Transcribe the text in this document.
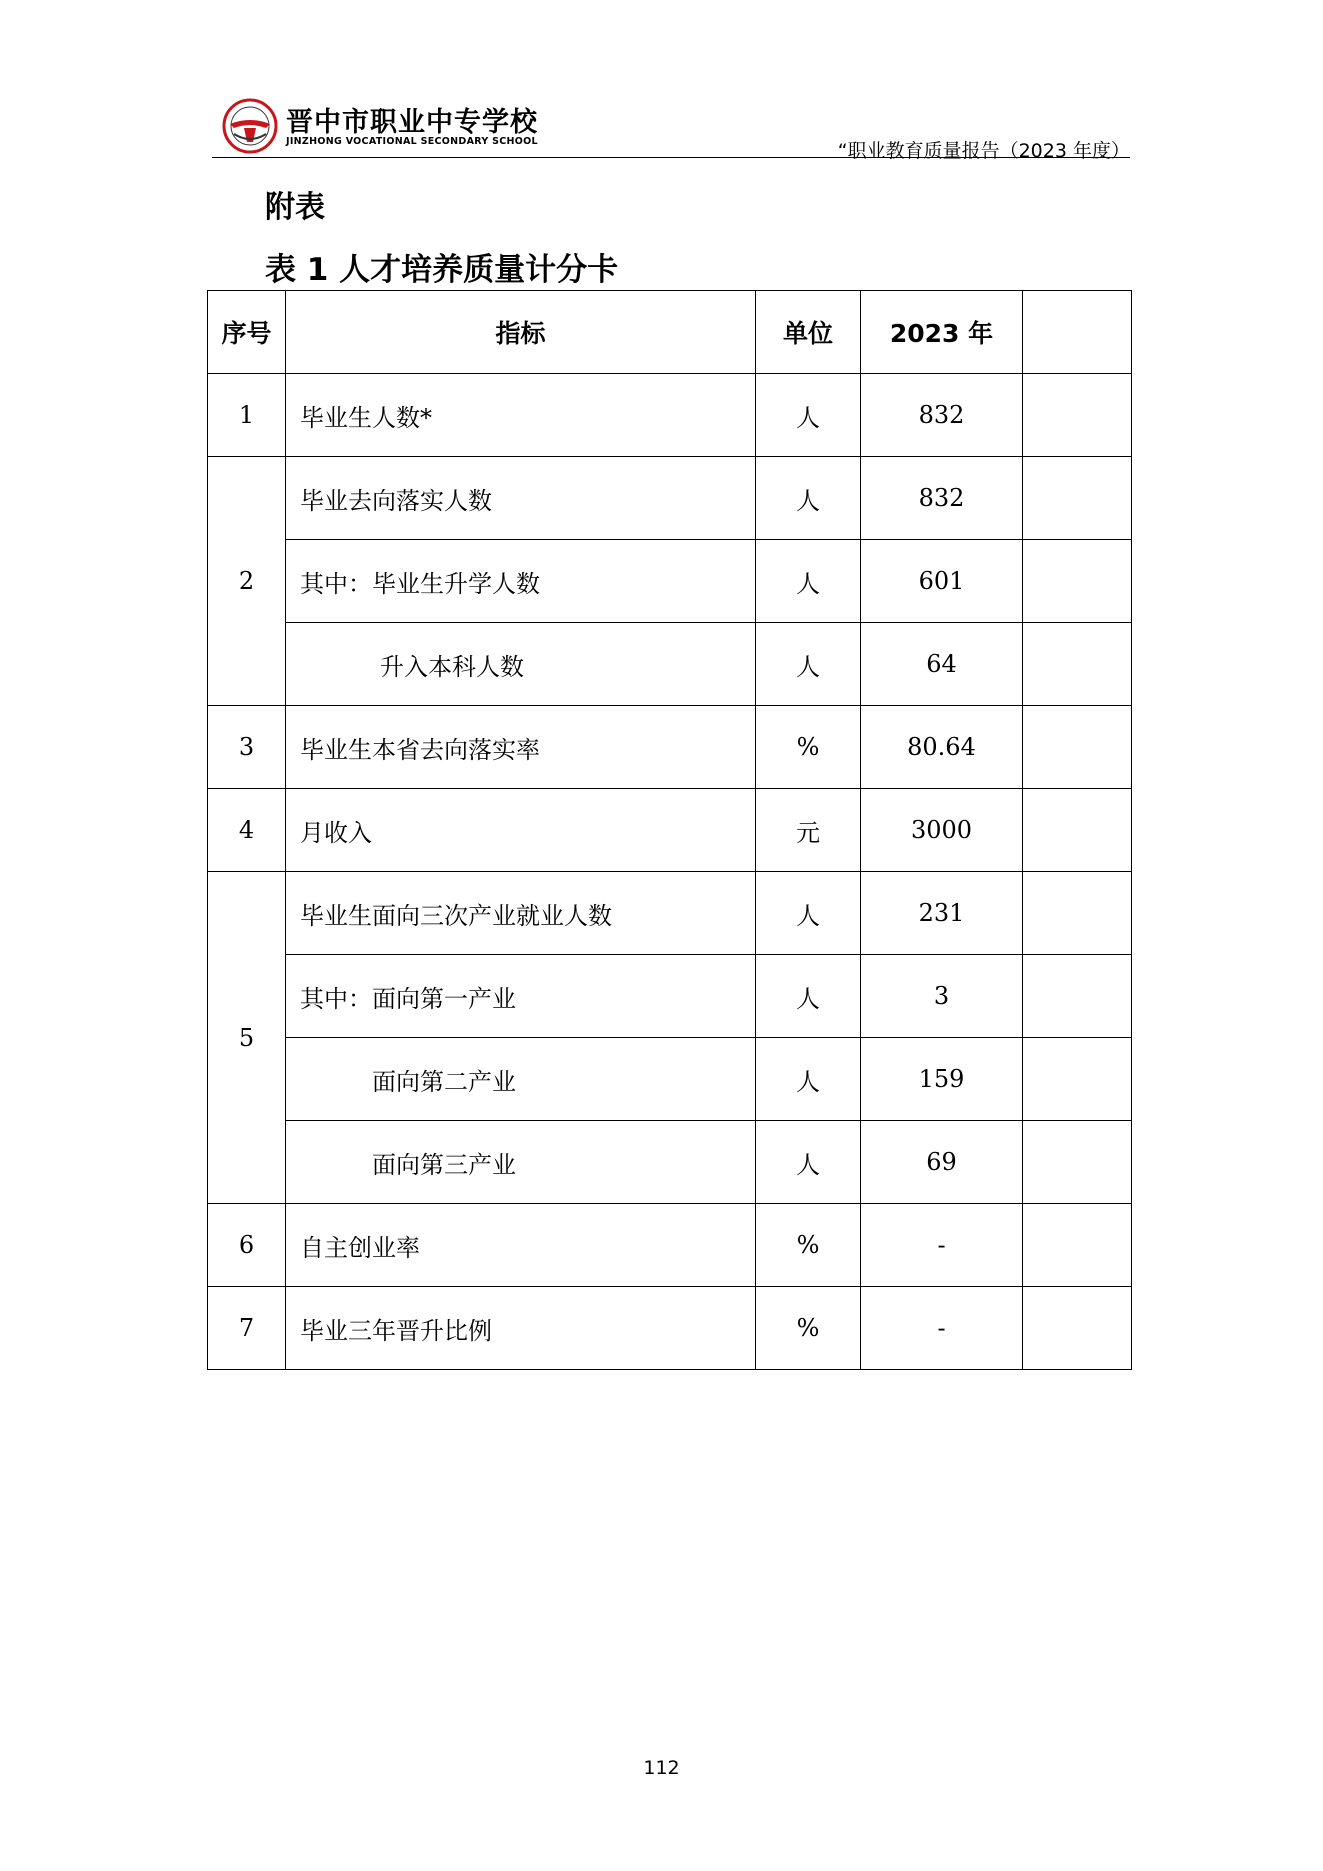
晋中市职业中专学校
JINZHONG VOCATIONAL SECONDARY SCHOOL	“职业教育质量报告（2023 年度）
附表
表 1 人才培养质量计分卡
序号	指标	单位	2023 年	
1	毕业生人数*	人	832	
2	毕业去向落实人数	人	832	
	其中：毕业生升学人数	人	601	
	升入本科人数	人	64	
3	毕业生本省去向落实率	%	80.64	
4	月收入	元	3000	
5	毕业生面向三次产业就业人数	人	231	
	其中：面向第一产业	人	3	
	面向第二产业	人	159	
	面向第三产业	人	69	
6	自主创业率	%	-	
7	毕业三年晋升比例	%	-	
112
